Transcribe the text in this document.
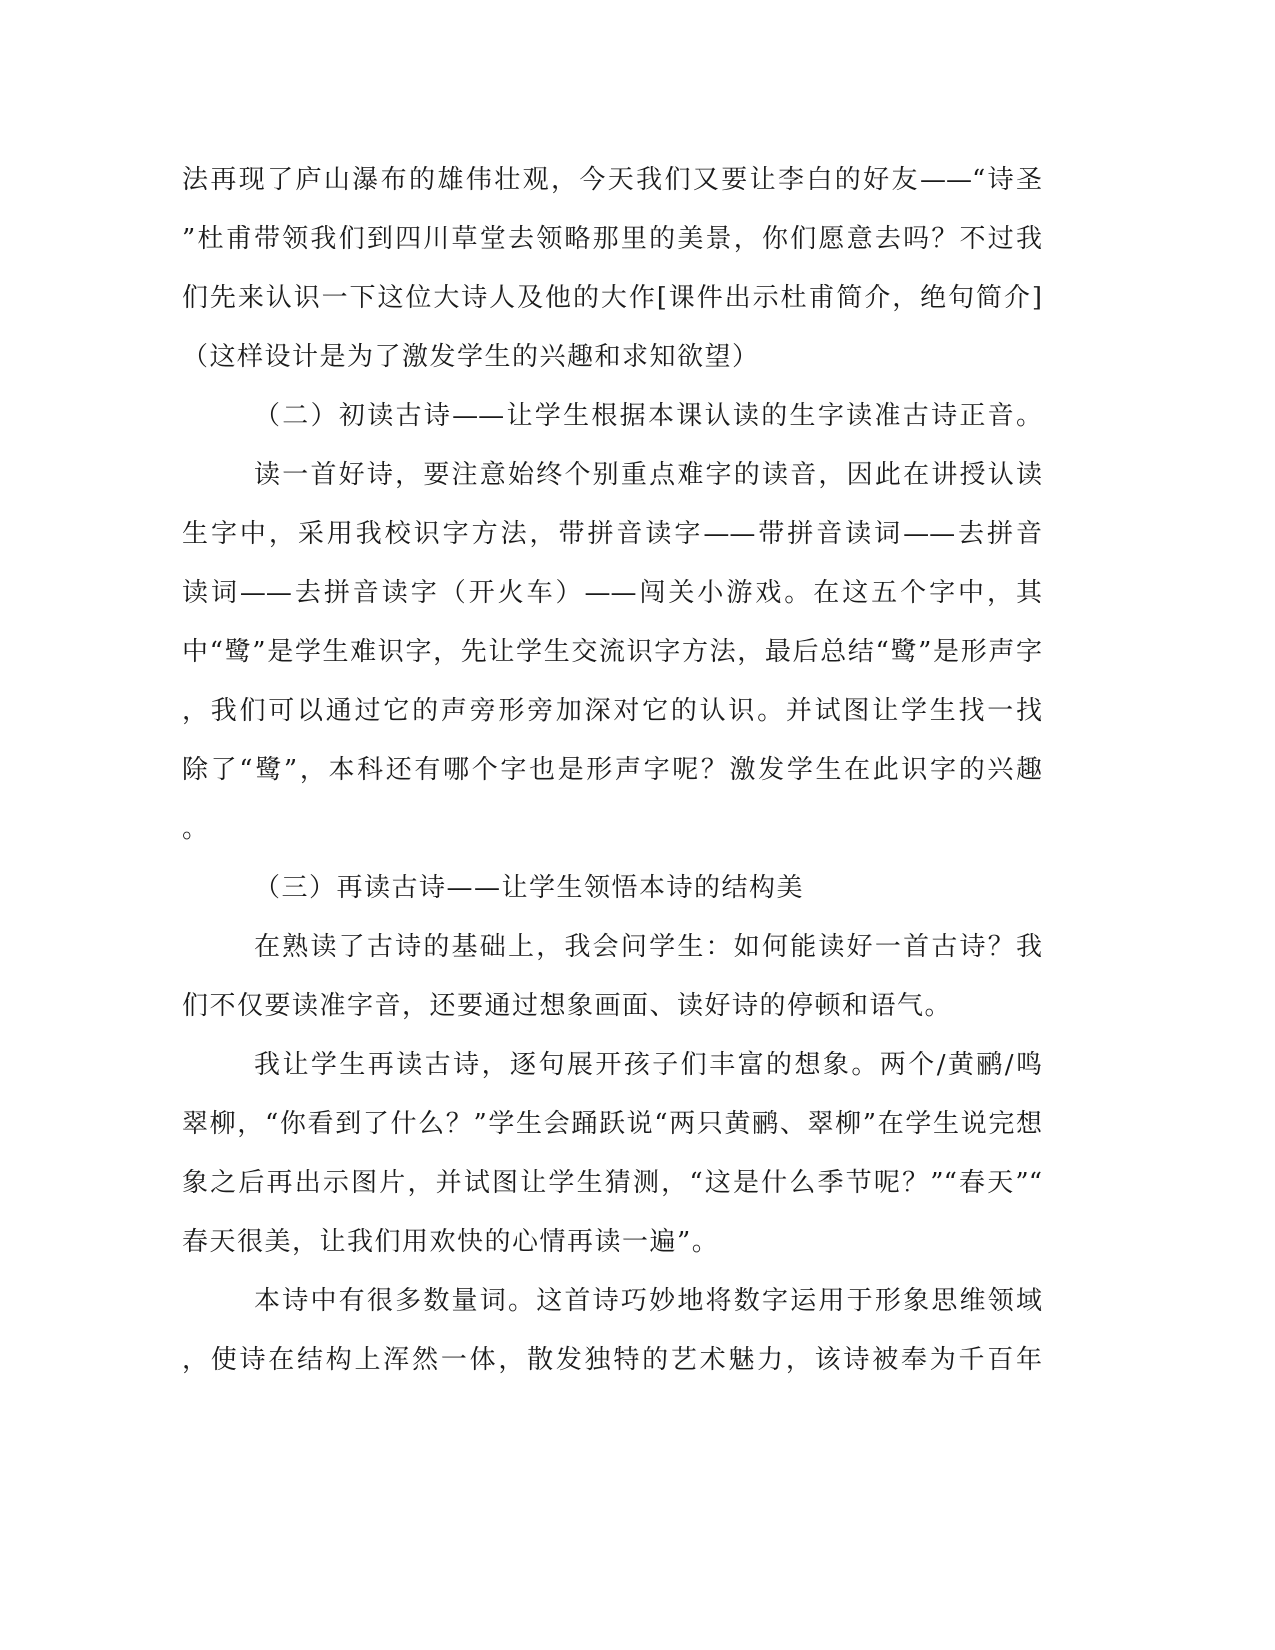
法再现了庐山瀑布的雄伟壮观，今天我们又要让李白的好友——“诗圣
”杜甫带领我们到四川草堂去领略那里的美景，你们愿意去吗？不过我
们先来认识一下这位大诗人及他的大作[课件出示杜甫简介，绝句简介]
（这样设计是为了激发学生的兴趣和求知欲望）
（二）初读古诗——让学生根据本课认读的生字读准古诗正音。
读一首好诗，要注意始终个别重点难字的读音，因此在讲授认读
生字中，采用我校识字方法，带拼音读字——带拼音读词——去拼音
读词——去拼音读字（开火车）——闯关小游戏。在这五个字中，其
中“鹭”是学生难识字，先让学生交流识字方法，最后总结“鹭”是形声字
，我们可以通过它的声旁形旁加深对它的认识。并试图让学生找一找
除了“鹭”，本科还有哪个字也是形声字呢？激发学生在此识字的兴趣
。
（三）再读古诗——让学生领悟本诗的结构美
在熟读了古诗的基础上，我会问学生：如何能读好一首古诗？我
们不仅要读准字音，还要通过想象画面、读好诗的停顿和语气。
我让学生再读古诗，逐句展开孩子们丰富的想象。两个/黄鹂/鸣
翠柳，“你看到了什么？”学生会踊跃说“两只黄鹂、翠柳”在学生说完想
象之后再出示图片，并试图让学生猜测，“这是什么季节呢？”“春天”“
春天很美，让我们用欢快的心情再读一遍”。
本诗中有很多数量词。这首诗巧妙地将数字运用于形象思维领域
，使诗在结构上浑然一体，散发独特的艺术魅力，该诗被奉为千百年
